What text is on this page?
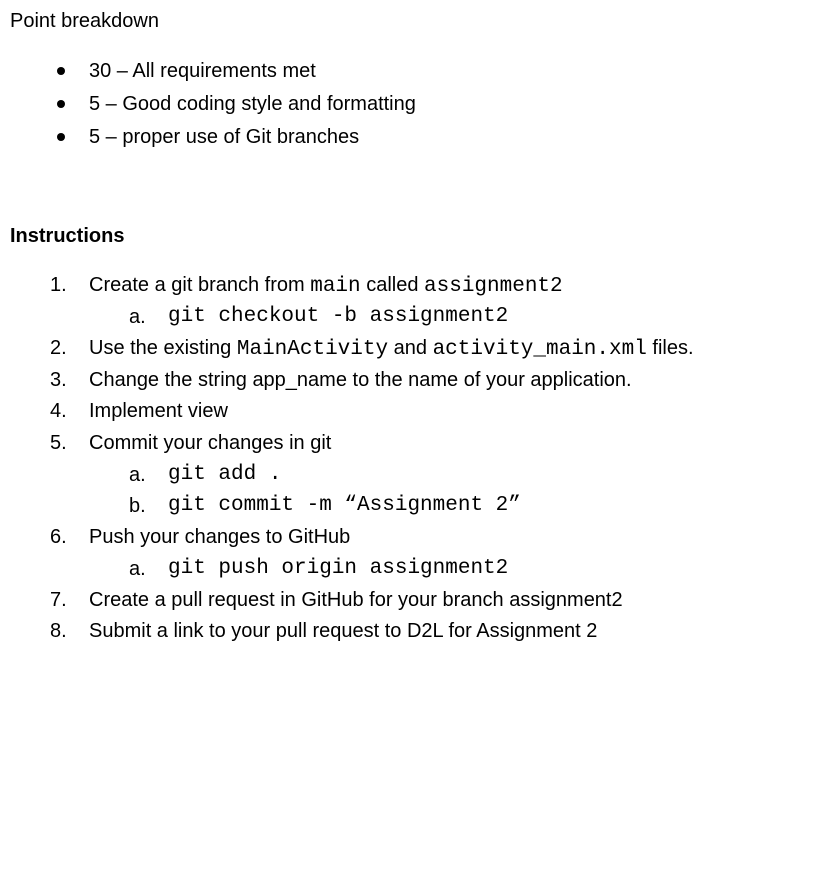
Point breakdown
30 – All requirements met
5 – Good coding style and formatting
5 – proper use of Git branches
Instructions
1. Create a git branch from main called assignment2
a. git checkout -b assignment2
2. Use the existing MainActivity and activity_main.xml files.
3. Change the string app_name to the name of your application.
4. Implement view
5. Commit your changes in git
a. git add .
b. git commit -m “Assignment 2”
6. Push your changes to GitHub
a. git push origin assignment2
7. Create a pull request in GitHub for your branch assignment2
8. Submit a link to your pull request to D2L for Assignment 2
